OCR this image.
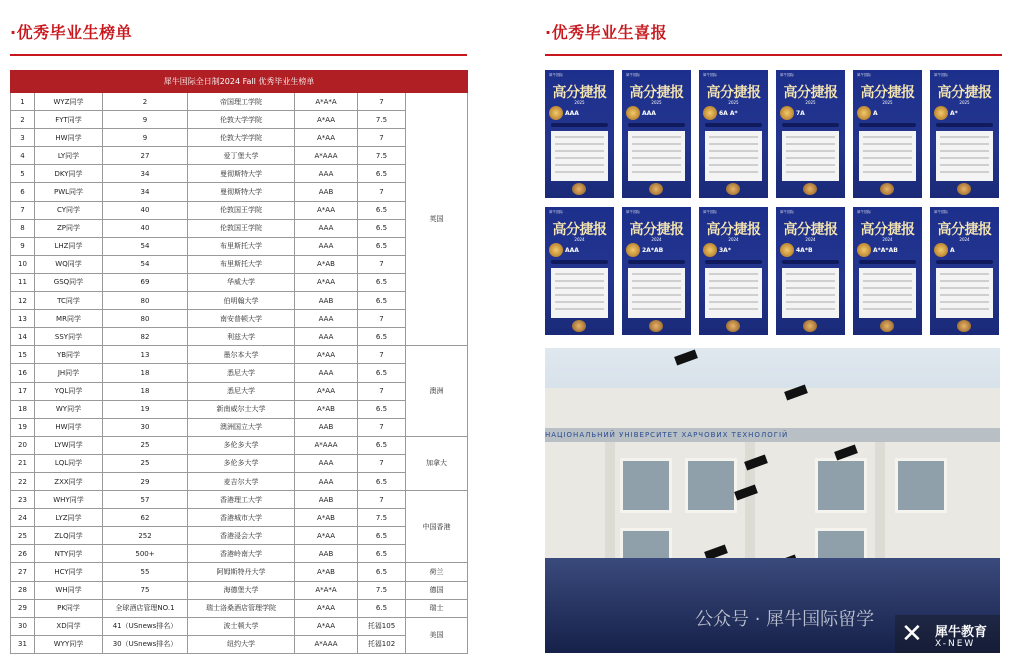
·优秀毕业生榜单	·优秀毕业生喜报
犀牛国际全日制2024 Fall 优秀毕业生榜单						
1	WYZ同学	2	帝国理工学院	A*A*A	7	英国
2	FYT同学	9	伦敦大学学院	A*AA	7.5	
3	HW同学	9	伦敦大学学院	A*AA	7	
4	LY同学	27	爱丁堡大学	A*AAA	7.5	
5	DKY同学	34	曼彻斯特大学	AAA	6.5	
6	PWL同学	34	曼彻斯特大学	AAB	7	
7	CY同学	40	伦敦国王学院	A*AA	6.5	
8	ZP同学	40	伦敦国王学院	AAA	6.5	
9	LHZ同学	54	布里斯托大学	AAA	6.5	
10	WQ同学	54	布里斯托大学	A*AB	7	
11	GSQ同学	69	华威大学	A*AA	6.5	
12	TC同学	80	伯明翰大学	AAB	6.5	
13	MR同学	80	南安普顿大学	AAA	7	
14	SSY同学	82	利兹大学	AAA	6.5	
15	YB同学	13	墨尔本大学	A*AA	7	澳洲
16	JH同学	18	悉尼大学	AAA	6.5	
17	YQL同学	18	悉尼大学	A*AA	7	
18	WY同学	19	新南威尔士大学	A*AB	6.5	
19	HW同学	30	澳洲国立大学	AAB	7	
20	LYW同学	25	多伦多大学	A*AAA	6.5	加拿大
21	LQL同学	25	多伦多大学	AAA	7	
22	ZXX同学	29	麦吉尔大学	AAA	6.5	
23	WHY同学	57	香港理工大学	AAB	7	中国香港
24	LYZ同学	62	香港城市大学	A*AB	7.5	
25	ZLQ同学	252	香港浸会大学	A*AA	6.5	
26	NTY同学	500+	香港岭南大学	AAB	6.5	
27	HCY同学	55	阿姆斯特丹大学	A*AB	6.5	荷兰
28	WH同学	75	海德堡大学	A*A*A	7.5	德国
29	PK同学	全球酒店管理NO.1	瑞士洛桑酒店管理学院	A*AA	6.5	瑞士
30	XD同学	41（USnews排名）	波士顿大学	A*AA	托福105	美国
31	WYY同学	30（USnews排名）	纽约大学	A*AAA	托福102	
犀牛国际
高分捷报
2025
AAA
犀牛国际
高分捷报
2025
AAA
犀牛国际
高分捷报
2025
6A A*
犀牛国际
高分捷报
2025
7A
犀牛国际
高分捷报
2025
A
犀牛国际
高分捷报
2025
A*
犀牛国际
高分捷报
2024
AAA
犀牛国际
高分捷报
2024
2A*AB
犀牛国际
高分捷报
2024
3A*
犀牛国际
高分捷报
2024
4A*B
犀牛国际
高分捷报
2024
A*A*AB
犀牛国际
高分捷报
2024
A
НАЦІОНАЛЬНИЙ УНІВЕРСИТЕТ ХАРЧОВИХ ТЕХНОЛОГІЙ
公众号 · 犀牛国际留学 ✕ 犀牛教育
X-NEW
